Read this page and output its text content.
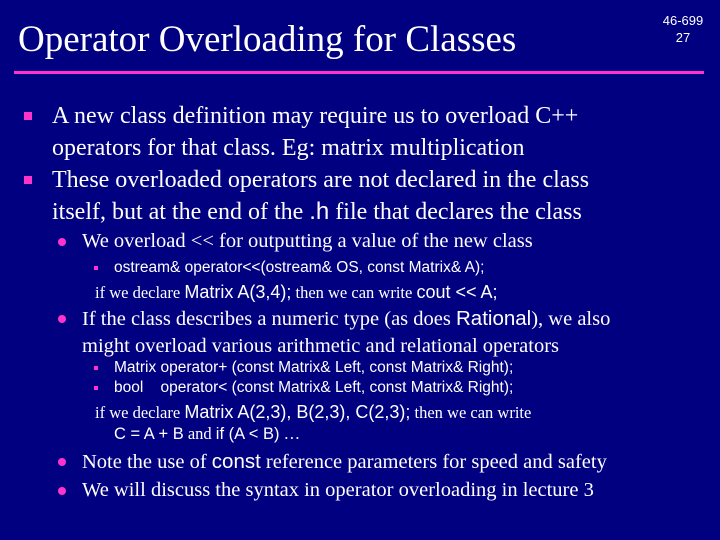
Operator Overloading for Classes	46-699
27
A new class definition may require us to overload C++
operators for that class. Eg: matrix multiplication
These overloaded operators are not declared in the class
itself, but at the end of the .h file that declares the class
We overload << for outputting a value of the new class
ostream& operator<<(ostream& OS, const Matrix& A);
if we declare Matrix A(3,4); then we can write cout << A;
If the class describes a numeric type (as does Rational), we also
might overload various arithmetic and relational operators
Matrix operator+ (const Matrix& Left, const Matrix& Right);
bool    operator< (const Matrix& Left, const Matrix& Right);
if we declare Matrix A(2,3), B(2,3), C(2,3); then we can write
C = A + B and if (A < B) …
Note the use of const reference parameters for speed and safety
We will discuss the syntax in operator overloading in lecture 3
